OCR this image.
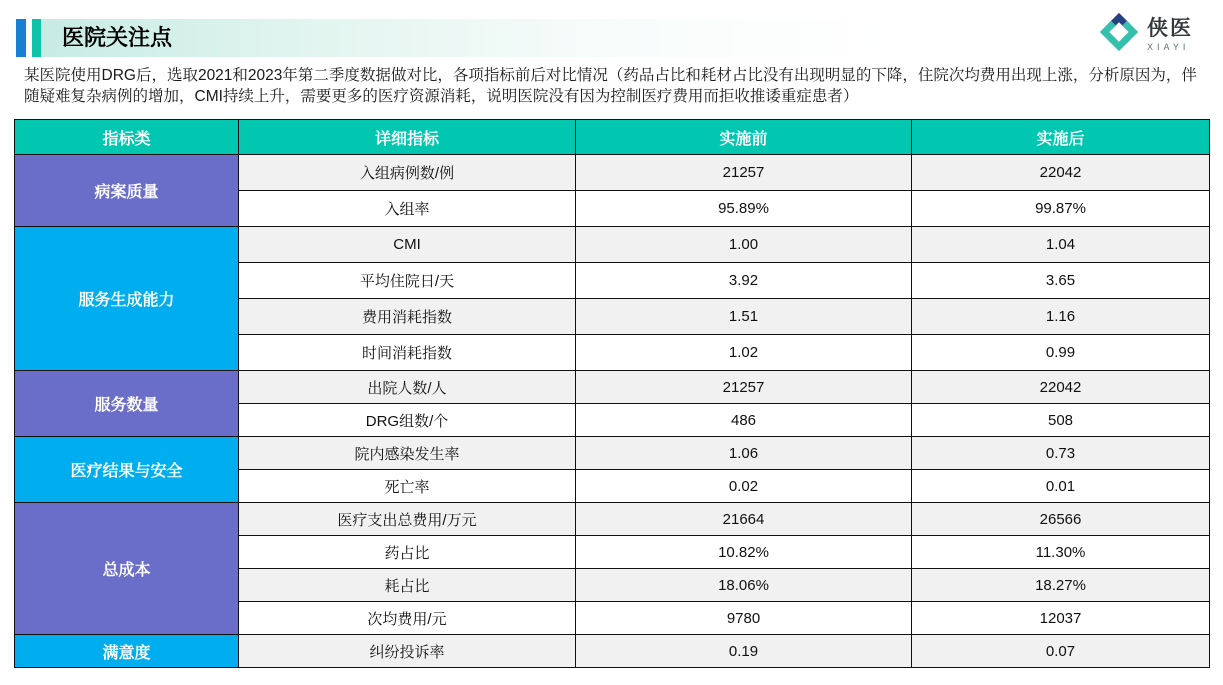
医院关注点	侠医
XIAYI

某医院使用DRG后，选取2021和2023年第二季度数据做对比，各项指标前后对比情况（药品占比和耗材占比没有出现明显的下降，住院次均费用出现上涨，分析原因为，伴随疑难复杂病例的增加，CMI持续上升，需要更多的医疗资源消耗，说明医院没有因为控制医疗费用而拒收推诿重症患者）

指标类	详细指标	实施前	实施后
病案质量	入组病例数/例	21257	22042
	入组率	95.89%	99.87%
服务生成能力	CMI	1.00	1.04
	平均住院日/天	3.92	3.65
	费用消耗指数	1.51	1.16
	时间消耗指数	1.02	0.99
服务数量	出院人数/人	21257	22042
	DRG组数/个	486	508
医疗结果与安全	院内感染发生率	1.06	0.73
	死亡率	0.02	0.01
总成本	医疗支出总费用/万元	21664	26566
	药占比	10.82%	11.30%
	耗占比	18.06%	18.27%
	次均费用/元	9780	12037
满意度	纠纷投诉率	0.19	0.07
